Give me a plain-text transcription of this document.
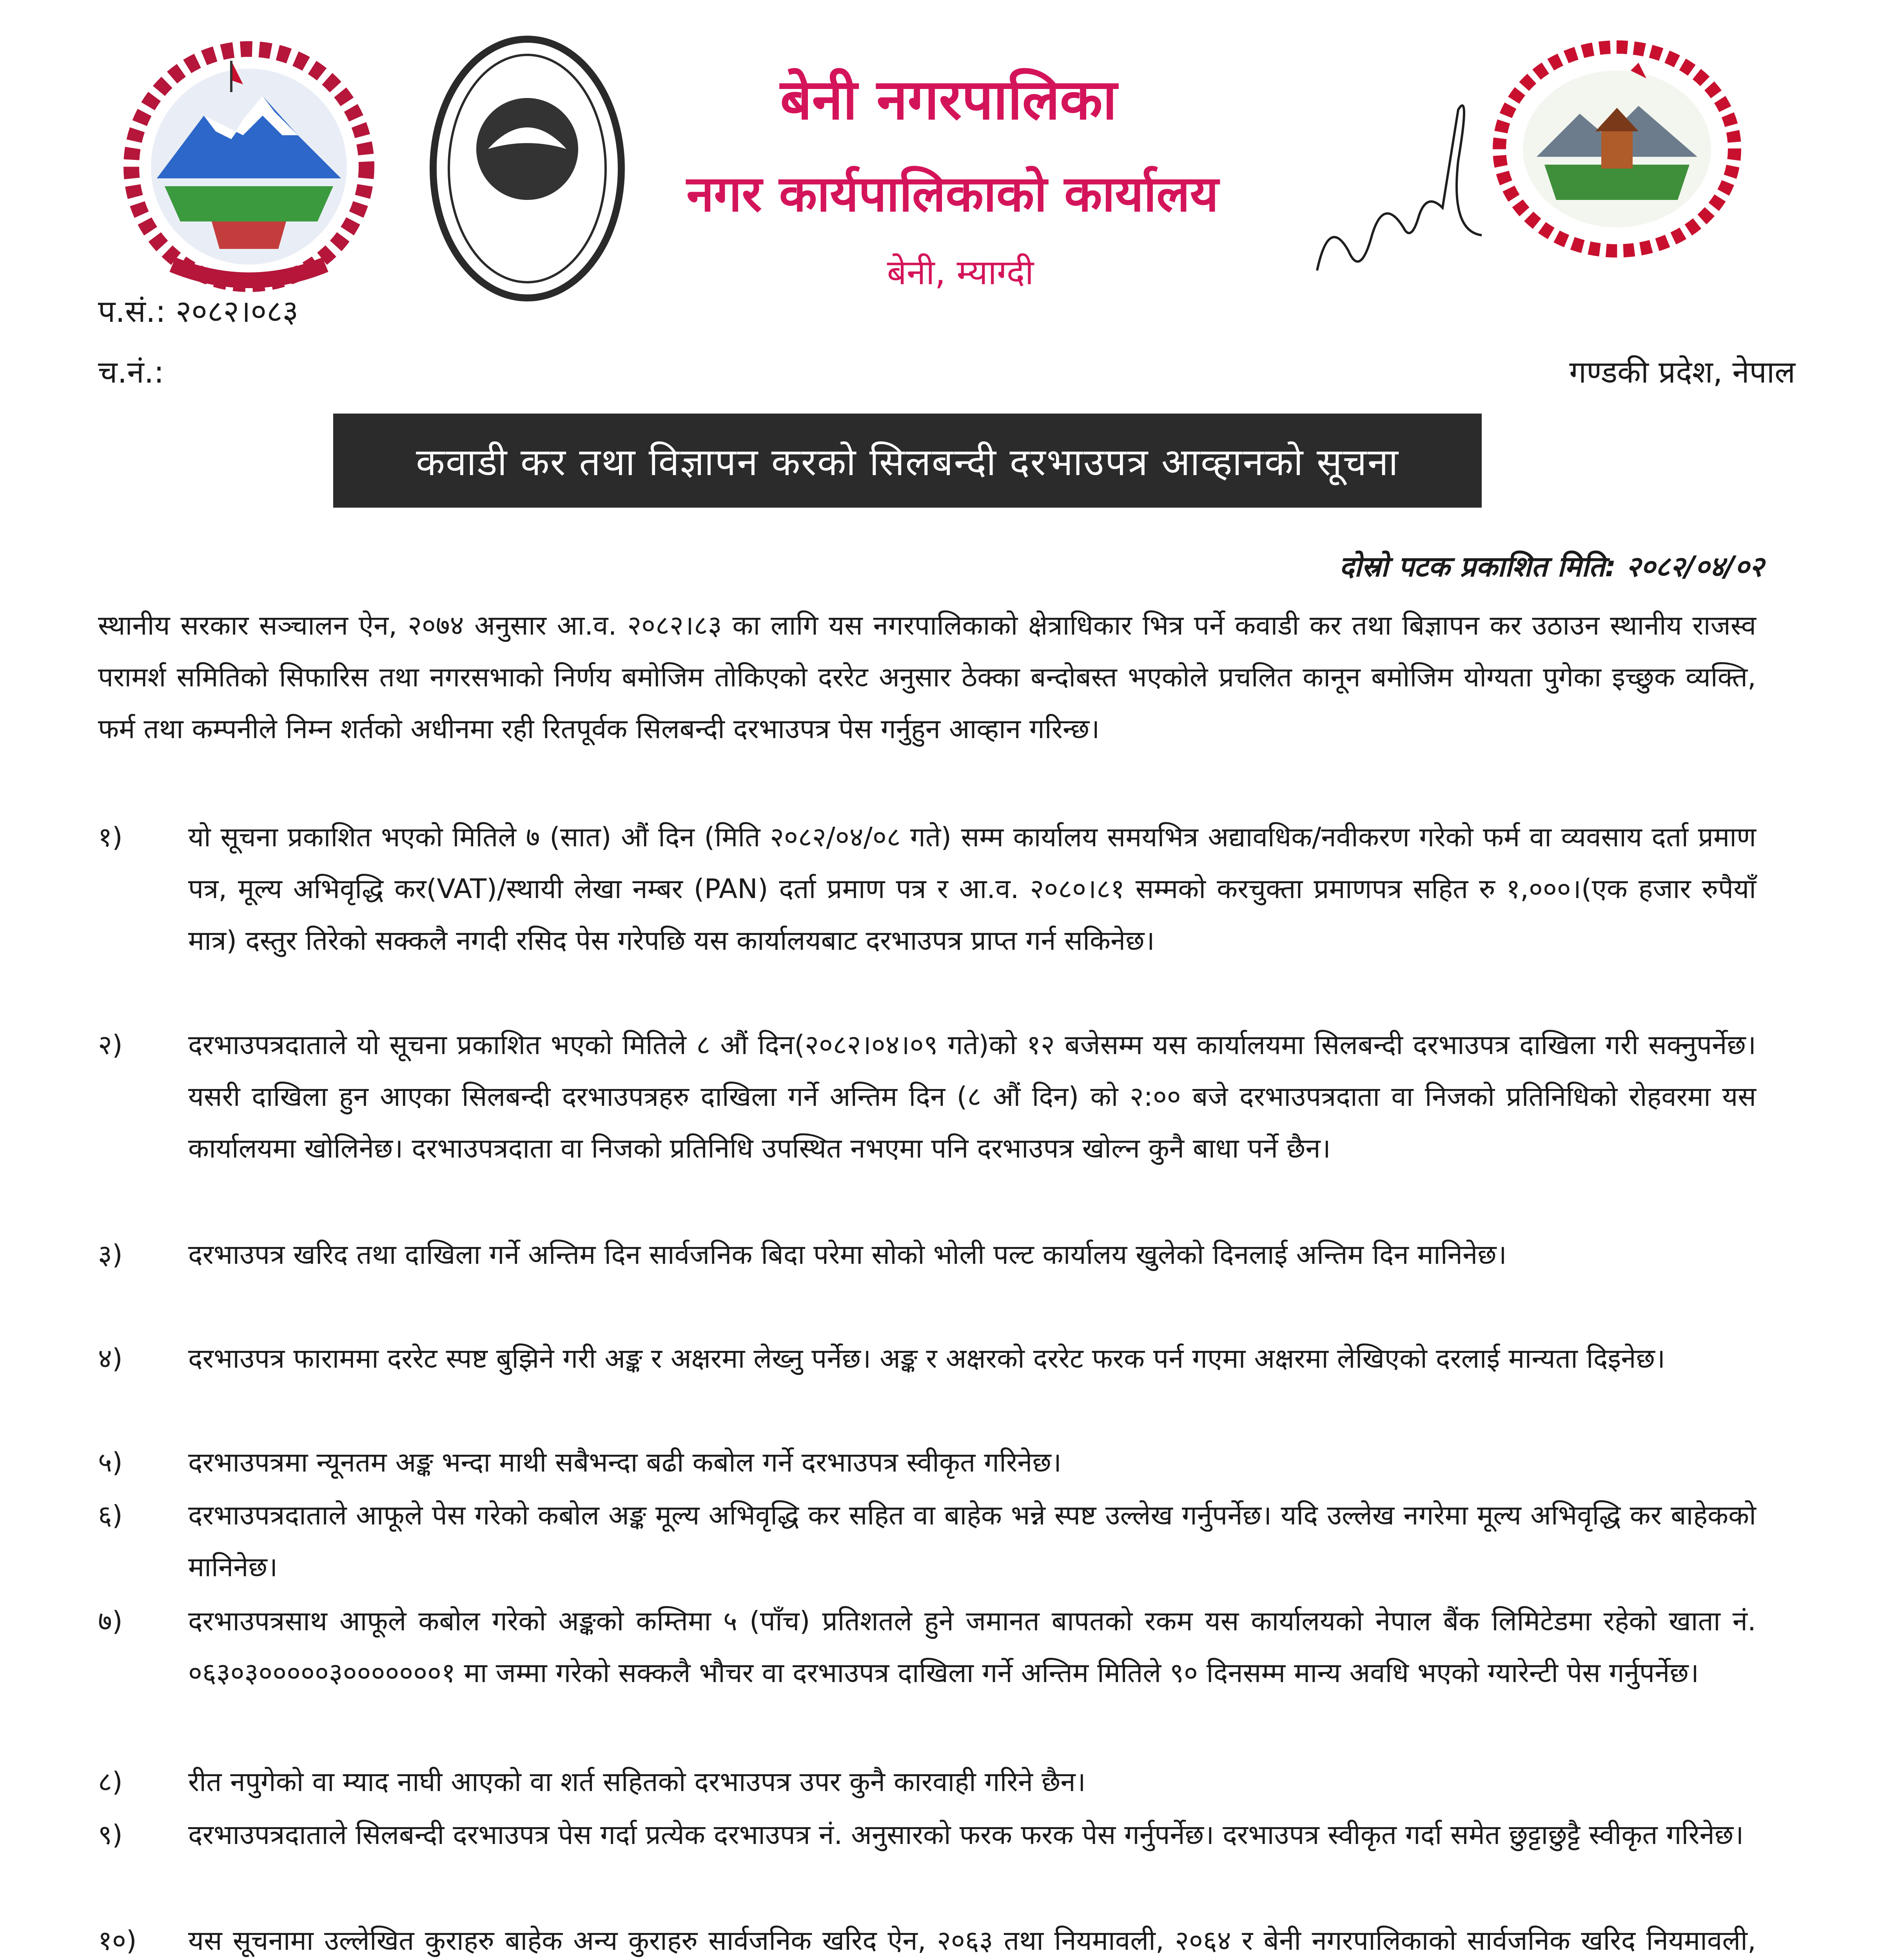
बेनी नगरपालिका
नगर कार्यपालिकाको कार्यालय
बेनी, म्याग्दी
प.सं.: २०८२।०८३
च.नं.:	गण्डकी प्रदेश, नेपाल
कवाडी कर तथा विज्ञापन करको सिलबन्दी दरभाउपत्र आव्हानको सूचना
दोस्रो पटक प्रकाशित मिति: २०८२/०४/०२

स्थानीय सरकार सञ्चालन ऐन, २०७४ अनुसार आ.व. २०८२।८३ का लागि यस नगरपालिकाको क्षेत्राधिकार भित्र पर्ने कवाडी कर तथा बिज्ञापन कर उठाउन स्थानीय राजस्व परामर्श समितिको सिफारिस तथा नगरसभाको निर्णय बमोजिम तोकिएको दररेट अनुसार ठेक्का बन्दोबस्त भएकोले प्रचलित कानून बमोजिम योग्यता पुगेका इच्छुक व्यक्ति, फर्म तथा कम्पनीले निम्न शर्तको अधीनमा रही रितपूर्वक सिलबन्दी दरभाउपत्र पेस गर्नुहुन आव्हान गरिन्छ।

१)	यो सूचना प्रकाशित भएको मितिले ७ (सात) औं दिन (मिति २०८२/०४/०८ गते) सम्म कार्यालय समयभित्र अद्यावधिक/नवीकरण गरेको फर्म वा व्यवसाय दर्ता प्रमाण पत्र, मूल्य अभिवृद्धि कर(VAT)/स्थायी लेखा नम्बर (PAN) दर्ता प्रमाण पत्र र आ.व. २०८०।८१ सम्मको करचुक्ता प्रमाणपत्र सहित रु १,०००।(एक हजार रुपैयाँ मात्र) दस्तुर तिरेको सक्कलै नगदी रसिद पेस गरेपछि यस कार्यालयबाट दरभाउपत्र प्राप्त गर्न सकिनेछ।
२)	दरभाउपत्रदाताले यो सूचना प्रकाशित भएको मितिले ८ औं दिन(२०८२।०४।०९ गते)को १२ बजेसम्म यस कार्यालयमा सिलबन्दी दरभाउपत्र दाखिला गरी सक्नुपर्नेछ। यसरी दाखिला हुन आएका सिलबन्दी दरभाउपत्रहरु दाखिला गर्ने अन्तिम दिन (८ औं दिन) को २:०० बजे दरभाउपत्रदाता वा निजको प्रतिनिधिको रोहवरमा यस कार्यालयमा खोलिनेछ। दरभाउपत्रदाता वा निजको प्रतिनिधि उपस्थित नभएमा पनि दरभाउपत्र खोल्न कुनै बाधा पर्ने छैन।
३)	दरभाउपत्र खरिद तथा दाखिला गर्ने अन्तिम दिन सार्वजनिक बिदा परेमा सोको भोली पल्ट कार्यालय खुलेको दिनलाई अन्तिम दिन मानिनेछ।
४)	दरभाउपत्र फाराममा दररेट स्पष्ट बुझिने गरी अङ्क र अक्षरमा लेख्नु पर्नेछ। अङ्क र अक्षरको दररेट फरक पर्न गएमा अक्षरमा लेखिएको दरलाई मान्यता दिइनेछ।
५)	दरभाउपत्रमा न्यूनतम अङ्क भन्दा माथी सबैभन्दा बढी कबोल गर्ने दरभाउपत्र स्वीकृत गरिनेछ।
६)	दरभाउपत्रदाताले आफूले पेस गरेको कबोल अङ्क मूल्य अभिवृद्धि कर सहित वा बाहेक भन्ने स्पष्ट उल्लेख गर्नुपर्नेछ। यदि उल्लेख नगरेमा मूल्य अभिवृद्धि कर बाहेकको मानिनेछ।
७)	दरभाउपत्रसाथ आफूले कबोल गरेको अङ्कको कम्तिमा ५ (पाँच) प्रतिशतले हुने जमानत बापतको रकम यस कार्यालयको नेपाल बैंक लिमिटेडमा रहेको खाता नं. ०६३०३०००००३०००००००१ मा जम्मा गरेको सक्कलै भौचर वा दरभाउपत्र दाखिला गर्ने अन्तिम मितिले ९० दिनसम्म मान्य अवधि भएको ग्यारेन्टी पेस गर्नुपर्नेछ।
८)	रीत नपुगेको वा म्याद नाघी आएको वा शर्त सहितको दरभाउपत्र उपर कुनै कारवाही गरिने छैन।
९)	दरभाउपत्रदाताले सिलबन्दी दरभाउपत्र पेस गर्दा प्रत्येक दरभाउपत्र नं. अनुसारको फरक फरक पेस गर्नुपर्नेछ। दरभाउपत्र स्वीकृत गर्दा समेत छुट्टाछुट्टै स्वीकृत गरिनेछ।
१०)	यस सूचनामा उल्लेखित कुराहरु बाहेक अन्य कुराहरु सार्वजनिक खरिद ऐन, २०६३ तथा नियमावली, २०६४ र बेनी नगरपालिकाको सार्वजनिक खरिद नियमावली,
